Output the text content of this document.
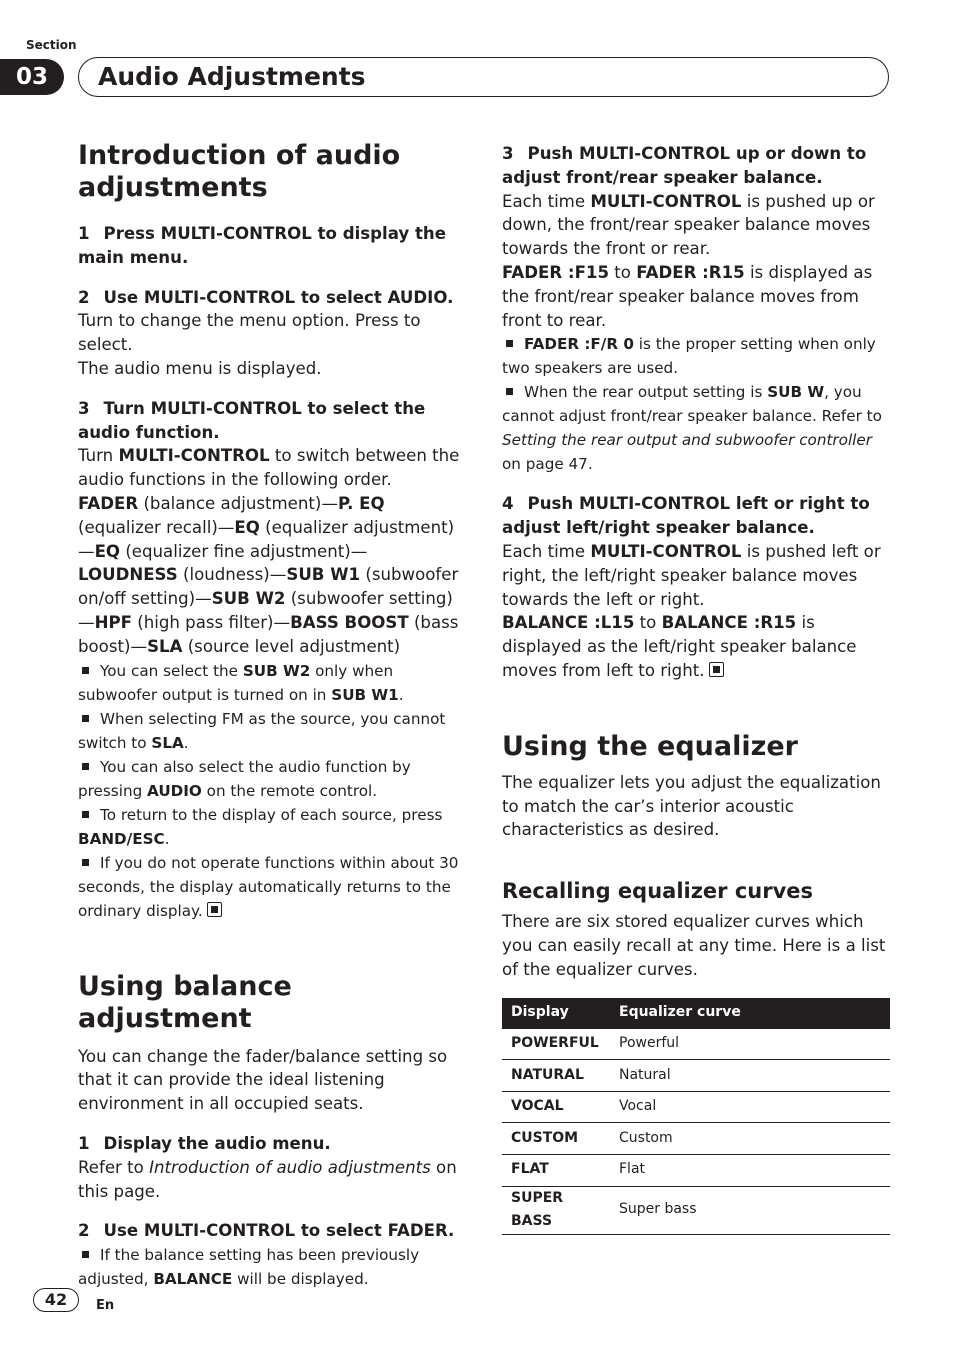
Section
03	Audio Adjustments
Introduction of audio adjustments

1 Press MULTI-CONTROL to display the main menu.

2 Use MULTI-CONTROL to select AUDIO.

Turn to change the menu option. Press to select.

The audio menu is displayed.

3 Turn MULTI-CONTROL to select the audio function.

Turn MULTI-CONTROL to switch between the audio functions in the following order.

FADER (balance adjustment)—P. EQ (equalizer recall)—EQ (equalizer adjustment)—EQ (equalizer fine adjustment)—LOUDNESS (loudness)—SUB W1 (subwoofer on/off setting)—SUB W2 (subwoofer setting)—HPF (high pass filter)—BASS BOOST (bass boost)—SLA (source level adjustment)

You can select the SUB W2 only when subwoofer output is turned on in SUB W1.

When selecting FM as the source, you cannot switch to SLA.

You can also select the audio function by pressing AUDIO on the remote control.

To return to the display of each source, press BAND/ESC.

If you do not operate functions within about 30 seconds, the display automatically returns to the ordinary display.

Using balance adjustment

You can change the fader/balance setting so that it can provide the ideal listening environment in all occupied seats.

1 Display the audio menu.

Refer to Introduction of audio adjustments on this page.

2 Use MULTI-CONTROL to select FADER.

If the balance setting has been previously adjusted, BALANCE will be displayed.

3 Push MULTI-CONTROL up or down to adjust front/rear speaker balance.

Each time MULTI-CONTROL is pushed up or down, the front/rear speaker balance moves towards the front or rear.

FADER :F15 to FADER :R15 is displayed as the front/rear speaker balance moves from front to rear.

FADER :F/R 0 is the proper setting when only two speakers are used.

When the rear output setting is SUB W, you cannot adjust front/rear speaker balance. Refer to Setting the rear output and subwoofer controller on page 47.

4 Push MULTI-CONTROL left or right to adjust left/right speaker balance.

Each time MULTI-CONTROL is pushed left or right, the left/right speaker balance moves towards the left or right.

BALANCE :L15 to BALANCE :R15 is displayed as the left/right speaker balance moves from left to right.

Using the equalizer

The equalizer lets you adjust the equalization to match the car’s interior acoustic characteristics as desired.

Recalling equalizer curves

There are six stored equalizer curves which you can easily recall at any time. Here is a list of the equalizer curves.

Display	Equalizer curve
POWERFUL	Powerful
NATURAL	Natural
VOCAL	Vocal
CUSTOM	Custom
FLAT	Flat
SUPER BASS	Super bass
42	En
